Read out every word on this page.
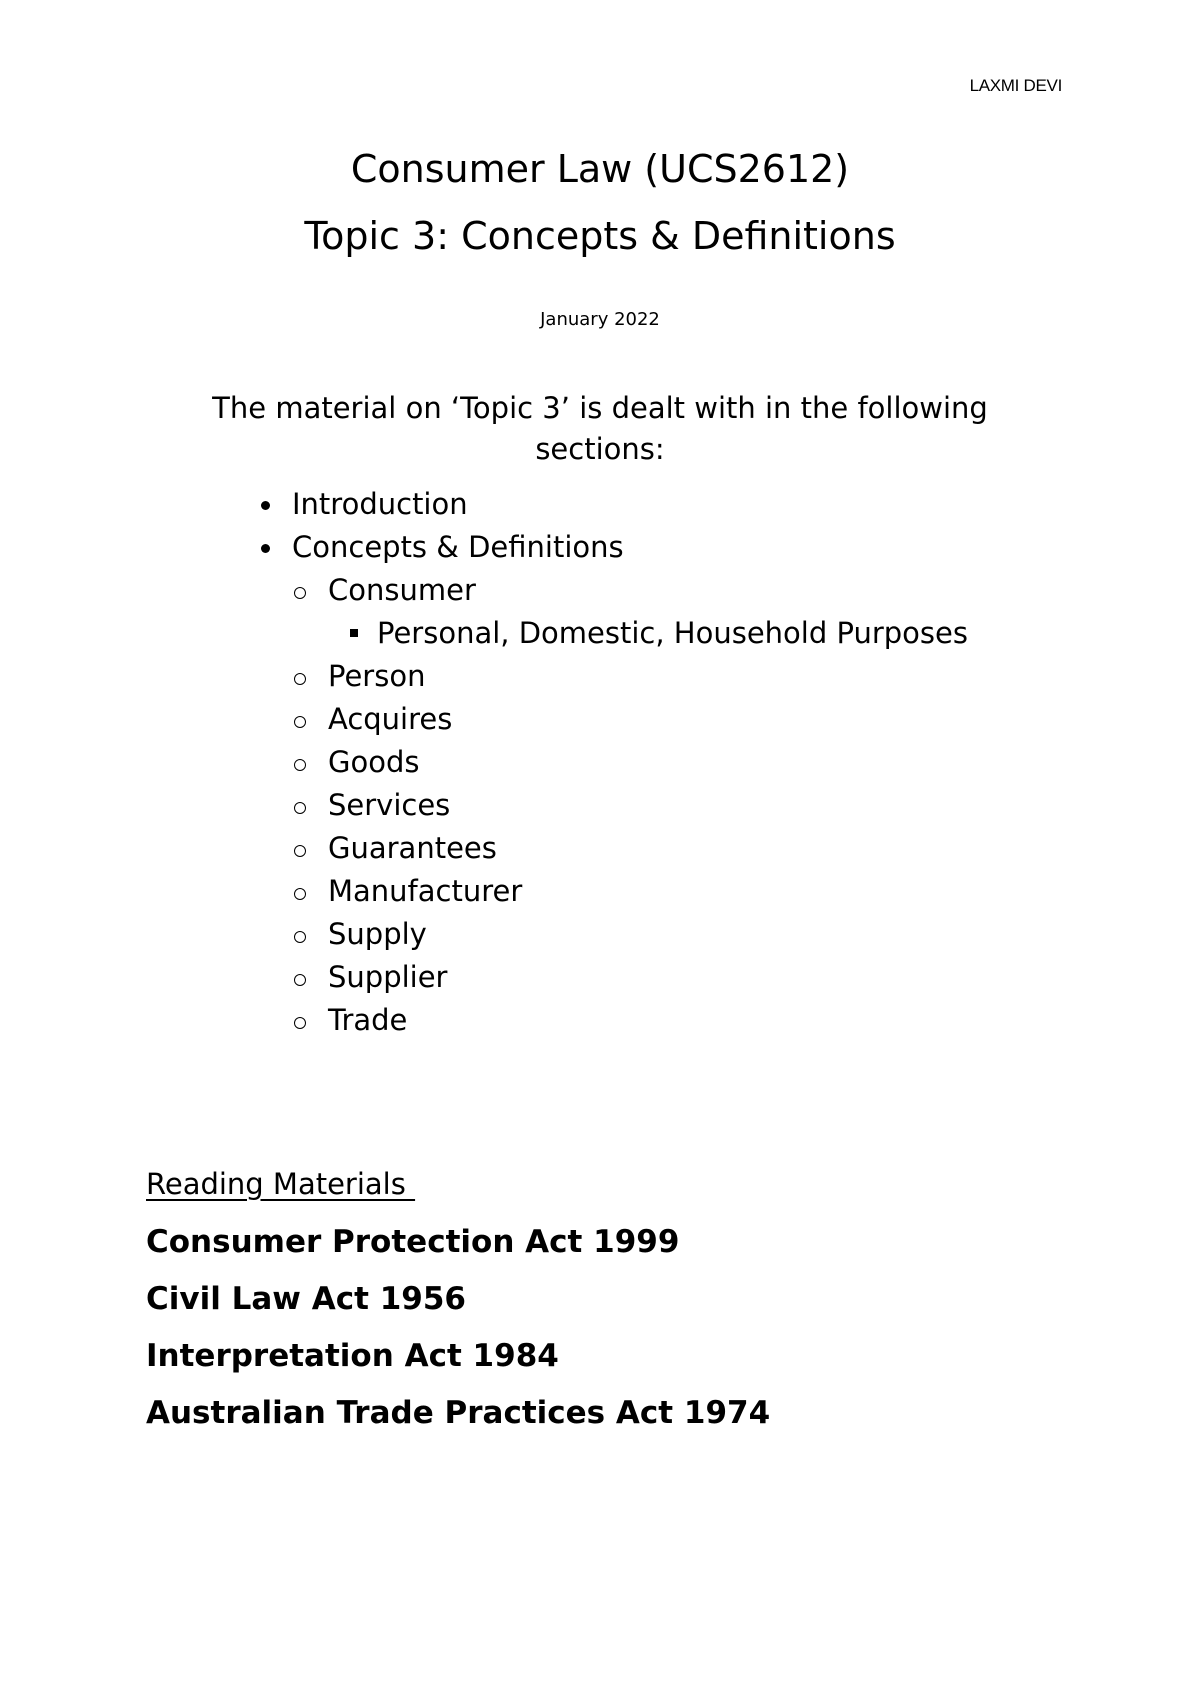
LAXMI DEVI
Consumer Law (UCS2612)
Topic 3: Concepts & Definitions
January 2022
The material on ‘Topic 3’ is dealt with in the following sections:
Introduction
Concepts & Definitions
Consumer
Personal, Domestic, Household Purposes
Person
Acquires
Goods
Services
Guarantees
Manufacturer
Supply
Supplier
Trade
Reading Materials
Consumer Protection Act 1999
Civil Law Act 1956
Interpretation Act 1984
Australian Trade Practices Act 1974
